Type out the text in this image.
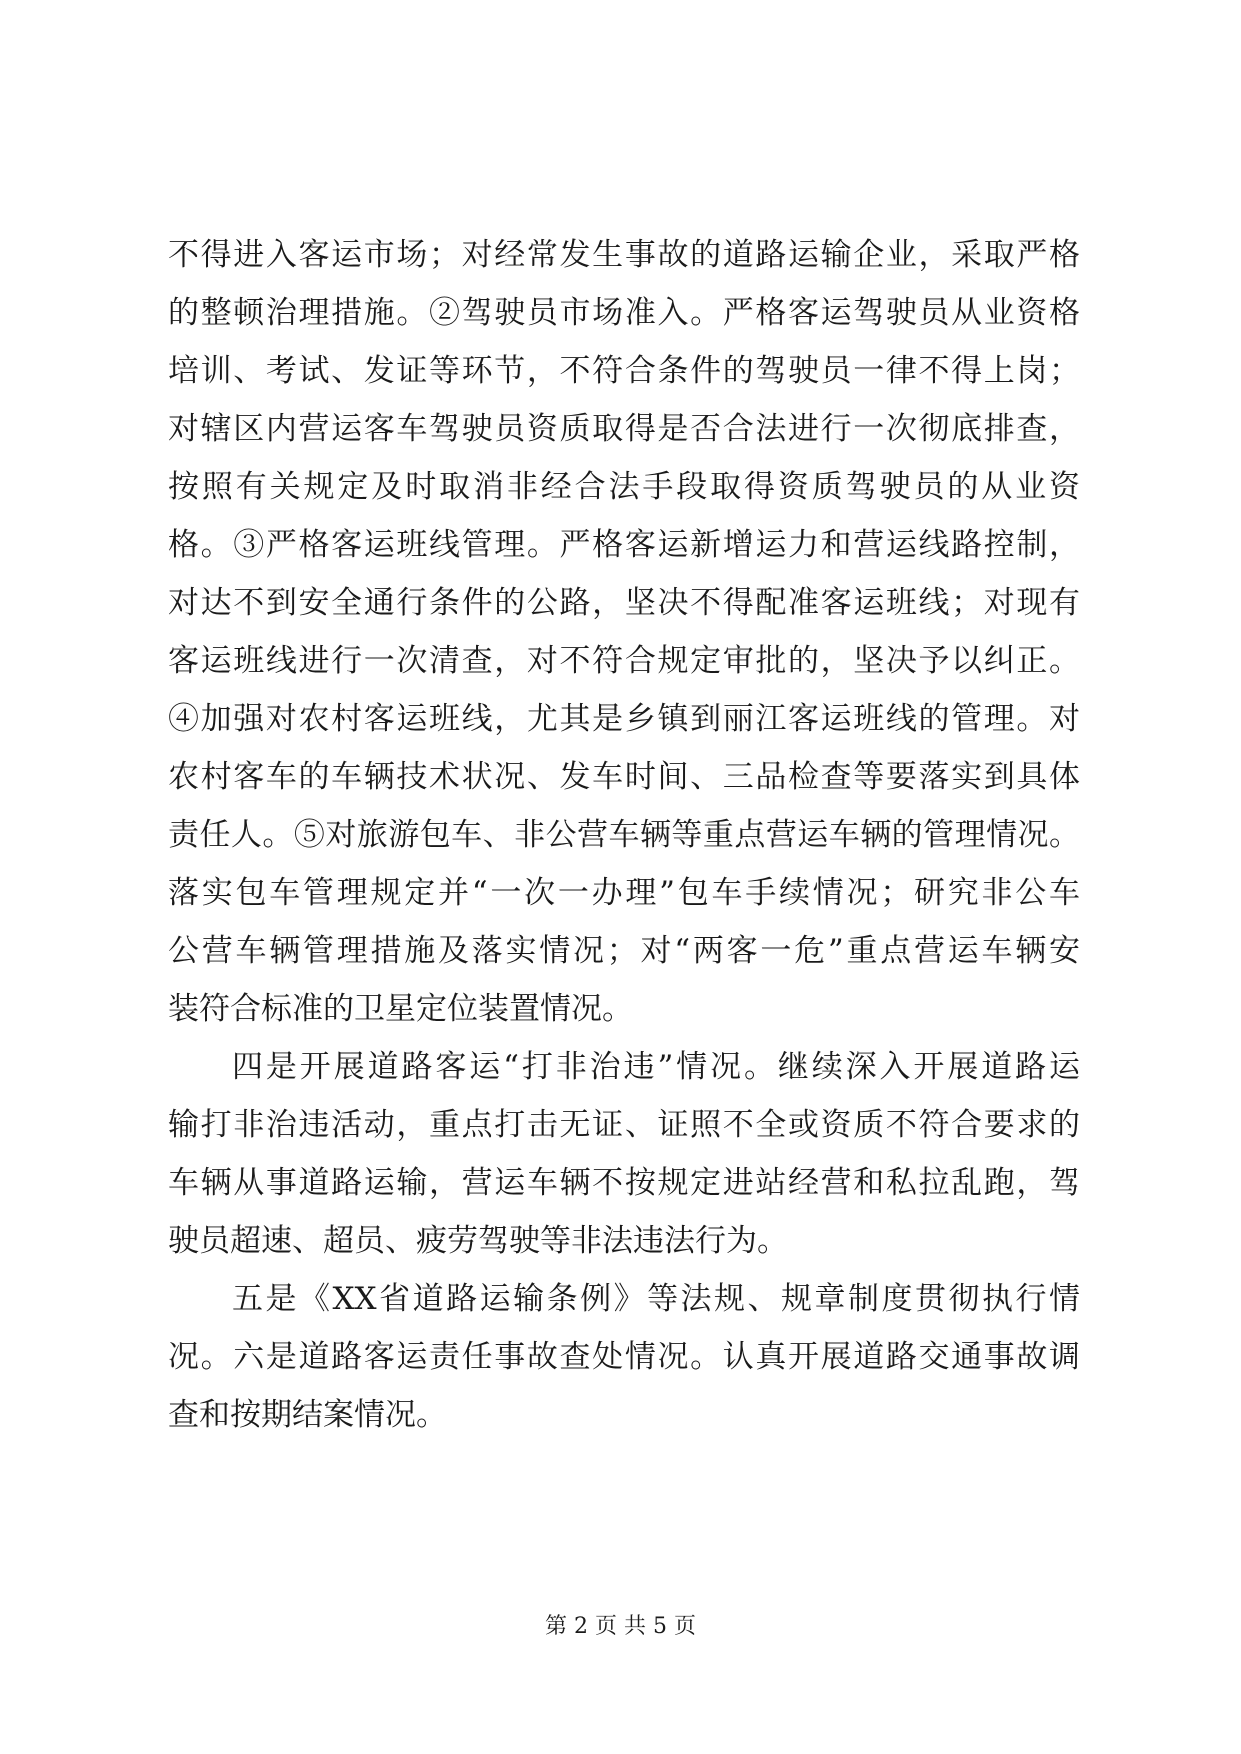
不得进入客运市场；对经常发生事故的道路运输企业，采取严格
的整顿治理措施。②驾驶员市场准入。严格客运驾驶员从业资格
培训、考试、发证等环节，不符合条件的驾驶员一律不得上岗；
对辖区内营运客车驾驶员资质取得是否合法进行一次彻底排查，
按照有关规定及时取消非经合法手段取得资质驾驶员的从业资
格。③严格客运班线管理。严格客运新增运力和营运线路控制，
对达不到安全通行条件的公路，坚决不得配准客运班线；对现有
客运班线进行一次清查，对不符合规定审批的，坚决予以纠正。
④加强对农村客运班线，尤其是乡镇到丽江客运班线的管理。对
农村客车的车辆技术状况、发车时间、三品检查等要落实到具体
责任人。⑤对旅游包车、非公营车辆等重点营运车辆的管理情况。
落实包车管理规定并“一次一办理”包车手续情况；研究非公车
公营车辆管理措施及落实情况；对“两客一危”重点营运车辆安
装符合标准的卫星定位装置情况。
四是开展道路客运“打非治违”情况。继续深入开展道路运
输打非治违活动，重点打击无证、证照不全或资质不符合要求的
车辆从事道路运输，营运车辆不按规定进站经营和私拉乱跑，驾
驶员超速、超员、疲劳驾驶等非法违法行为。
五是《XX省道路运输条例》等法规、规章制度贯彻执行情
况。六是道路客运责任事故查处情况。认真开展道路交通事故调
查和按期结案情况。
第 2 页 共 5 页
